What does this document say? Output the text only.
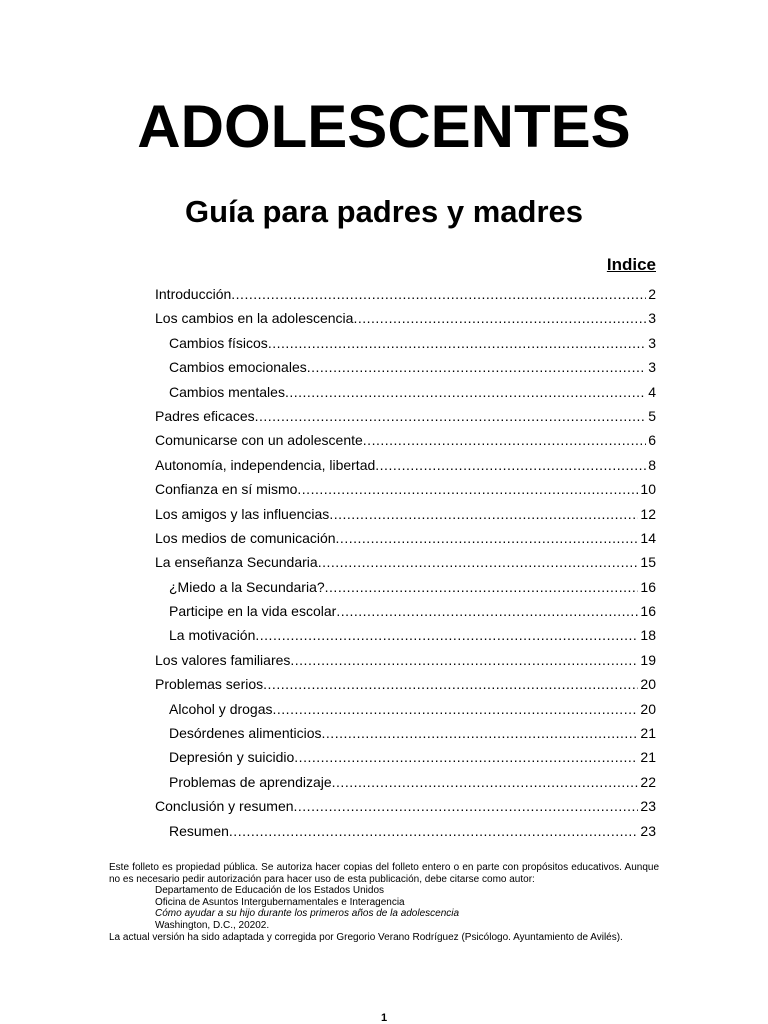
ADOLESCENTES
Guía para padres y madres
Indice
Introducción .....	2
Los cambios en la adolescencia .....	3
Cambios físicos .....	3
Cambios emocionales .....	3
Cambios mentales .....	4
Padres eficaces .....	5
Comunicarse con un adolescente .....	6
Autonomía, independencia, libertad .....	8
Confianza en sí mismo .....	10
Los amigos y las influencias .....	12
Los medios de comunicación .....	14
La enseñanza Secundaria .....	15
¿Miedo a la Secundaria? .....	16
Participe en la vida escolar .....	16
La motivación .....	18
Los valores familiares .....	19
Problemas serios .....	20
Alcohol y drogas .....	20
Desórdenes alimenticios .....	21
Depresión y suicidio .....	21
Problemas de aprendizaje .....	22
Conclusión y resumen .....	23
Resumen .....	23

Este folleto es propiedad pública. Se autoriza hacer copias del folleto entero o en parte con propósitos educativos. Aunque no es necesario pedir autorización para hacer uso de esta publicación, debe citarse como autor:

Departamento de Educación de los Estados Unidos

Oficina de Asuntos Intergubernamentales e Interagencia

Cómo ayudar a su hijo durante los primeros años de la adolescencia

Washington, D.C., 20202.

La actual versión ha sido adaptada y corregida por Gregorio Verano Rodríguez (Psicólogo. Ayuntamiento de Avilés).

1
